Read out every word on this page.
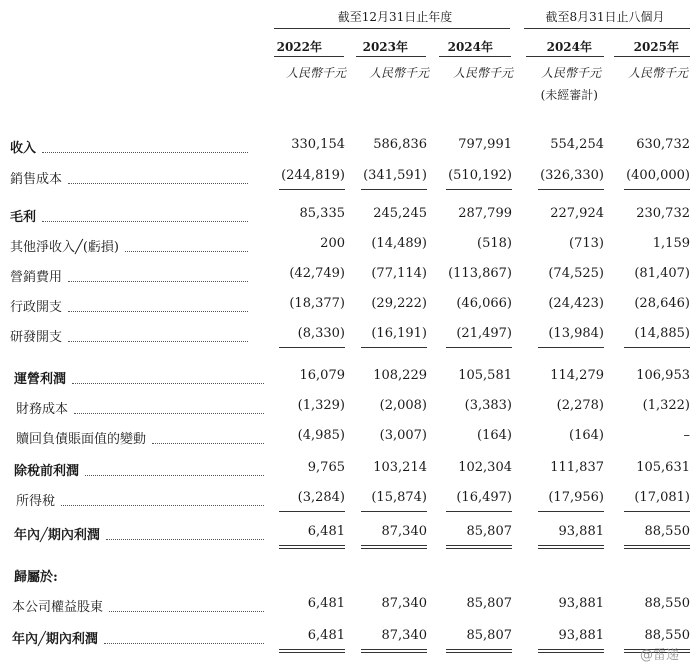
截至12月31日止年度	截至8月31日止八個月
2022年	2023年	2024年	2024年	2025年
人民幣千元	人民幣千元	人民幣千元	人民幣千元	人民幣千元
(未經審計)
收入	330,154	586,836	797,991	554,254	630,732
銷售成本	(244,819)	(341,591)	(510,192)	(326,330)	(400,000)
毛利	85,335	245,245	287,799	227,924	230,732
其他淨收入╱(虧損)	200	(14,489)	(518)	(713)	1,159
營銷費用	(42,749)	(77,114)	(113,867)	(74,525)	(81,407)
行政開支	(18,377)	(29,222)	(46,066)	(24,423)	(28,646)
研發開支	(8,330)	(16,191)	(21,497)	(13,984)	(14,885)
運營利潤	16,079	108,229	105,581	114,279	106,953
財務成本	(1,329)	(2,008)	(3,383)	(2,278)	(1,322)
贖回負債賬面值的變動	(4,985)	(3,007)	(164)	(164)	–
除稅前利潤	9,765	103,214	102,304	111,837	105,631
所得稅	(3,284)	(15,874)	(16,497)	(17,956)	(17,081)
年內╱期內利潤	6,481	87,340	85,807	93,881	88,550
歸屬於:
本公司權益股東	6,481	87,340	85,807	93,881	88,550
年內╱期內利潤	6,481	87,340	85,807	93,881	88,550
@雷递
